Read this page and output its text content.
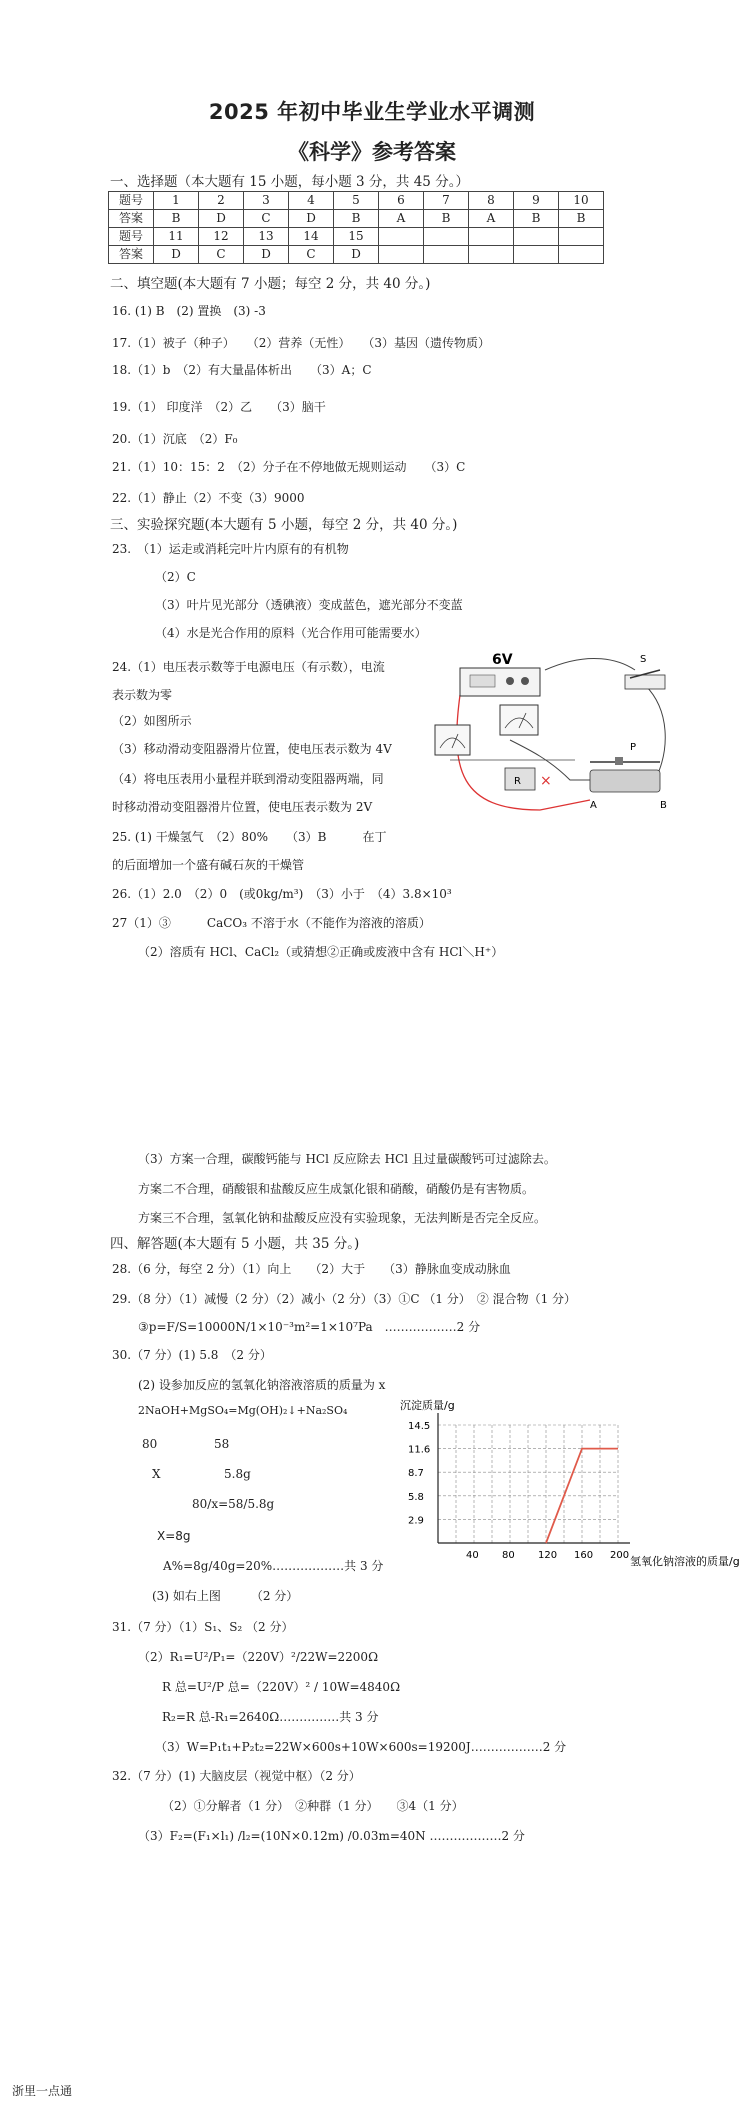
2025 年初中毕业生学业水平调测
《科学》参考答案
一、选择题（本大题有 15 小题，每小题 3 分，共 45 分。）
题号	1	2	3	4	5	6	7	8	9	10
答案	B	D	C	D	B	A	B	A	B	B
题号	11	12	13	14	15					
答案	D	C	D	C	D					
二、填空题(本大题有 7 小题；每空 2 分，共 40 分。)
16. (1) B　(2) 置换　(3) -3
17.（1）被子（种子）　　（2）营养（无性）　　（3）基因（遗传物质）
18.（1）b　（2）有大量晶体析出　　（3）A；C
19.（1） 印度洋　（2）乙　　（3）脑干
20.（1）沉底　（2）F₀
21.（1）10：15：2　（2）分子在不停地做无规则运动　　（3）C
22.（1）静止（2）不变（3）9000
三、实验探究题(本大题有 5 小题，每空 2 分，共 40 分。)
23.　（1）运走或消耗完叶片内原有的有机物
（2）C
（3）叶片见光部分（透碘液）变成蓝色，遮光部分不变蓝
（4）水是光合作用的原料（光合作用可能需要水）
24.（1）电压表示数等于电源电压（有示数），电流
表示数为零
（2）如图所示
（3）移动滑动变阻器滑片位置，使电压表示数为 4V
（4）将电压表用小量程并联到滑动变阻器两端，同
时移动滑动变阻器滑片位置，使电压表示数为 2V
6V	S
R ×
P
A	B
25. (1) 干燥氢气　（2）80%　　（3）B　　　在丁
的后面增加一个盛有碱石灰的干燥管
26.（1）2.0　（2）0　(或0kg/m³)　（3）小于　（4）3.8×10³
27（1）③　　　CaCO₃ 不溶于水（不能作为溶液的溶质）
（2）溶质有 HCl、CaCl₂（或猜想②正确或废液中含有 HCl＼H⁺）
（3）方案一合理，碳酸钙能与 HCl 反应除去 HCl 且过量碳酸钙可过滤除去。
方案二不合理，硝酸银和盐酸反应生成氯化银和硝酸，硝酸仍是有害物质。
方案三不合理，氢氧化钠和盐酸反应没有实验现象，无法判断是否完全反应。
四、解答题(本大题有 5 小题，共 35 分。)
28.（6 分，每空 2 分）（1）向上　　（2）大于　　（3）静脉血变成动脉血
29.（8 分）（1）减慢（2 分）（2）减小（2 分）（3）①C （1 分）　② 混合物（1 分）
③p=F/S=10000N/1×10⁻³m²=1×10⁷Pa　………………2 分
30.（7 分）(1) 5.8　（2 分）
(2) 设参加反应的氢氧化钠溶液溶质的质量为 x
2NaOH+MgSO₄=Mg(OH)₂↓+Na₂SO₄
80	58
X	5.8g
80/x=58/5.8g
X=8g
A%=8g/40g=20%………………共 3 分
(3) 如右上图　　　（2 分）
沉淀质量/g
氢氧化钠溶液的质量/g
40 80 120 160 200
2.9
5.8
8.7
11.6
14.5
31.（7 分）（1）S₁、S₂ （2 分）
（2）R₁=U²/P₁=（220V）²/22W=2200Ω
R 总=U²/P 总=（220V）² / 10W=4840Ω
R₂=R 总-R₁=2640Ω……………共 3 分
（3）W=P₁t₁+P₂t₂=22W×600s+10W×600s=19200J………………2 分
32.（7 分）(1) 大脑皮层（视觉中枢）（2 分）
（2）①分解者（1 分）　②种群（1 分）　　③4（1 分）
（3）F₂=(F₁×l₁) /l₂=(10N×0.12m) /0.03m=40N ………………2 分
浙里一点通
